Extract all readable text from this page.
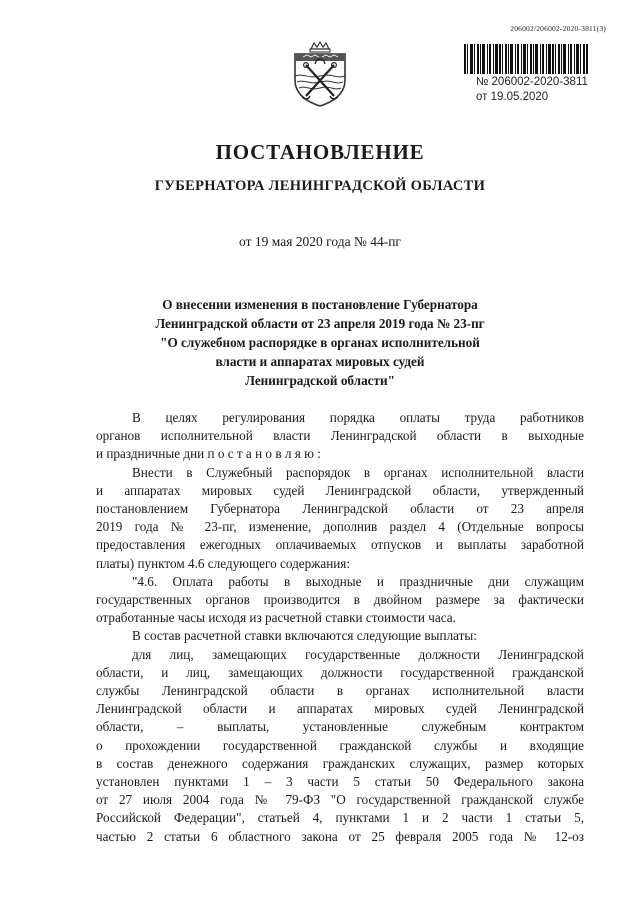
206002/206002-2020-3811(3)
№ 206002-2020-3811
от 19.05.2020
ПОСТАНОВЛЕНИЕ
ГУБЕРНАТОРА ЛЕНИНГРАДСКОЙ ОБЛАСТИ
от 19 мая 2020 года № 44-пг
О внесении изменения в постановление Губернатора
Ленинградской области от 23 апреля 2019 года № 23-пг
"О служебном распорядке в органах исполнительной
власти и аппаратах мировых судей
Ленинградской области"
В целях регулирования порядка оплаты труда работников
органов исполнительной власти Ленинградской области в выходные
и праздничные дни п о с т а н о в л я ю :
Внести в Служебный распорядок в органах исполнительной власти
и аппаратах мировых судей Ленинградской области, утвержденный
постановлением Губернатора Ленинградской области от 23 апреля
2019 года № 23-пг, изменение, дополнив раздел 4 (Отдельные вопросы
предоставления ежегодных оплачиваемых отпусков и выплаты заработной
платы) пунктом 4.6 следующего содержания:
"4.6. Оплата работы в выходные и праздничные дни служащим
государственных органов производится в двойном размере за фактически
отработанные часы исходя из расчетной ставки стоимости часа.
В состав расчетной ставки включаются следующие выплаты:
для лиц, замещающих государственные должности Ленинградской
области, и лиц, замещающих должности государственной гражданской
службы Ленинградской области в органах исполнительной власти
Ленинградской области и аппаратах мировых судей Ленинградской
области, – выплаты, установленные служебным контрактом
о прохождении государственной гражданской службы и входящие
в состав денежного содержания гражданских служащих, размер которых
установлен пунктами 1 – 3 части 5 статьи 50 Федерального закона
от 27 июля 2004 года № 79-ФЗ "О государственной гражданской службе
Российской Федерации", статьей 4, пунктами 1 и 2 части 1 статьи 5,
частью 2 статьи 6 областного закона от 25 февраля 2005 года № 12-оз
